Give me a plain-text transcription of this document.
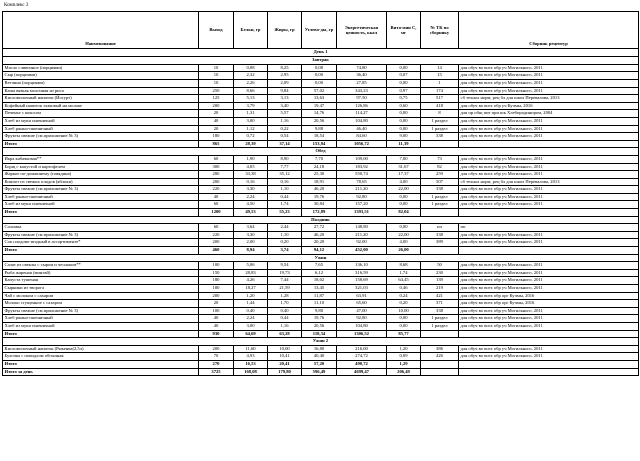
Комплекс 3
Наименование	Выход	Белки, гр	Жиры, гр	Углево-ды, гр	Энергетическая ценность, ккал	Вита-мин С, мг	№ ТК по сборнику	Сборник рецептур
День 1								
Завтрак								
Масло сливочное (порциями)	10	0,08	8,25	0,08	74,80	0,00	14	для обуч во всех обр уч Могильного, 2011
Сыр (порциями)	10	2,32	2,95	0,00	36,40	0,07	15	для обуч во всех обр уч Могильного, 2011
Ветчина (порциями)	10	2,26	2,09	0,00	27,85	0,00	1	для обуч во всех обр уч Могильного, 2011
Каша вязкая молочная из риса	250	8,66	9,84	57,02	343,23	0,97	174	для обуч во всех обр уч Могильного, 2011
Кисломолочный напиток (Йогурт)	125	5,13	3,13	13,63	97,50	0,75	517	сб технол норм, рец бл для школ Перевалова, 2013
Кофейный напиток злаковый на молоке	200	3,79	3,40	19,47	126,86	0,60	418	для обуч во всех обр уч Кучмы, 2016
Печенье с кокосом	20	1,31	5,57	14,76	114,27	0,00	8	для пр общ пит при шк Хлебпродинпром, 2004
Хлеб из муки пшеничной	40	3,00	1,16	20,56	104,80	0,00	1 раздел	для обуч во всех обр уч Могильного, 2011
Хлеб ржано-пшеничный	20	1,12	0,22	9,88	46,40	0,00	1 раздел	для обуч во всех обр уч Могильного, 2011
Фрукты свежие (см.приложение № 3)	180	0,72	0,54	18,54	84,60	9,00	338	для обуч во всех обр уч Могильного, 2011
Итого	865	28,39	37,14	153,94	1056,72	11,39		
Обед								
Икра кабачковая**	60	1,90	8,90	7,70	109,00	7,00	73	для обуч во всех обр уч Могильного, 2011
Борщ с капустой и картофелем	300	4,05	7,77	24,18	183,92	31,67	82	для обуч во всех обр уч Могильного, 2011
Жаркое по-домашнему (говядина)	280	33,38	35,12	25,30	550,74	17,37	259	для обуч во всех обр уч Могильного, 2011
Компот из свежих плодов (яблоки)	200	0,16	0,16	18,91	78,65	4,00	507	сб технол норм, рец бл для школ Перевалова, 2013
Фрукты свежие (см.приложение № 3)	220	3,30	1,10	46,20	211,20	22,00	338	для обуч во всех обр уч Могильного, 2011
Хлеб ржано-пшеничный	40	2,24	0,44	19,76	92,80	0,00	1 раздел	для обуч во всех обр уч Могильного, 2011
Хлеб из муки пшеничной	60	4,50	1,74	30,84	157,20	0,00	1 раздел	для обуч во всех обр уч Могильного, 2011
Итого	1200	49,53	55,23	172,89	1393,51	82,04		
Полдник								
Соломка	60	3,64	2,44	27,72	148,80	0,00	пп	пп
Фрукты свежие (см.приложение № 3)	220	3,30	1,10	46,20	211,20	22,00	338	для обуч во всех обр уч Могильного, 2011
Сок плодово-ягодный в ассортименте*	200	2,00	0,20	20,20	92,00	4,00	389	для обуч во всех обр уч Могильного, 2011
Итого	460	8,94	3,74	94,12	452,00	26,00		
Ужин								
Салат из свеклы с сыром и чесноком**	100	5,06	9,54	7,65	136,10	8,68	50	для обуч во всех обр уч Могильного, 2011
Рыба жареная (минтай)	150	28,83	19,73	6,12	316,59	1,74	230	для обуч во всех обр уч Могильного, 2011
Капуста тушеная	180	4,26	7,44	18,02	158,69	64,45	139	для обуч во всех обр уч Могильного, 2011
Сырники из творога	100	18,27	21,59	13,45	321,03	0,46	219	для обуч во всех обр уч Могильного, 2011
Чай с молоком с сахаром	200	1,20	1,28	11,87	63,91	0,24	421	для обуч во всех обр орг Кучмы, 2016
Молоко сгущенное с сахаром	20	1,44	1,70	11,10	65,60	0,20	371	для обуч во всех обр орг Кучмы, 2016
Фрукты свежие (см.приложение № 3)	100	0,40	0,40	9,80	47,00	10,00	338	для обуч во всех обр уч Могильного, 2011
Хлеб ржано-пшеничный	40	2,24	0,44	19,76	92,80	0,00	1 раздел	для обуч во всех обр уч Могильного, 2011
Хлеб из муки пшеничной	40	3,00	1,16	20,56	104,80	0,00	1 раздел	для обуч во всех обр уч Могильного, 2011
Итого	930	64,69	63,28	118,34	1306,52	85,77		
Ужин 2								
Кисломолочный напиток (Ряженка(2,5л)	200	11,60	10,00	16,80	216,00	1,20	386	для обуч во всех обр уч Могильного, 2011
Булочка с повидлом обсыпная	70	4,93	10,41	40,40	274,72	0,09	426	для обуч во всех обр уч Могильного, 2011
Итого	270	16,53	20,41	57,20	490,72	1,29		
Итого за день	3725	168,08	179,80	596,49	4699,47	206,49		
